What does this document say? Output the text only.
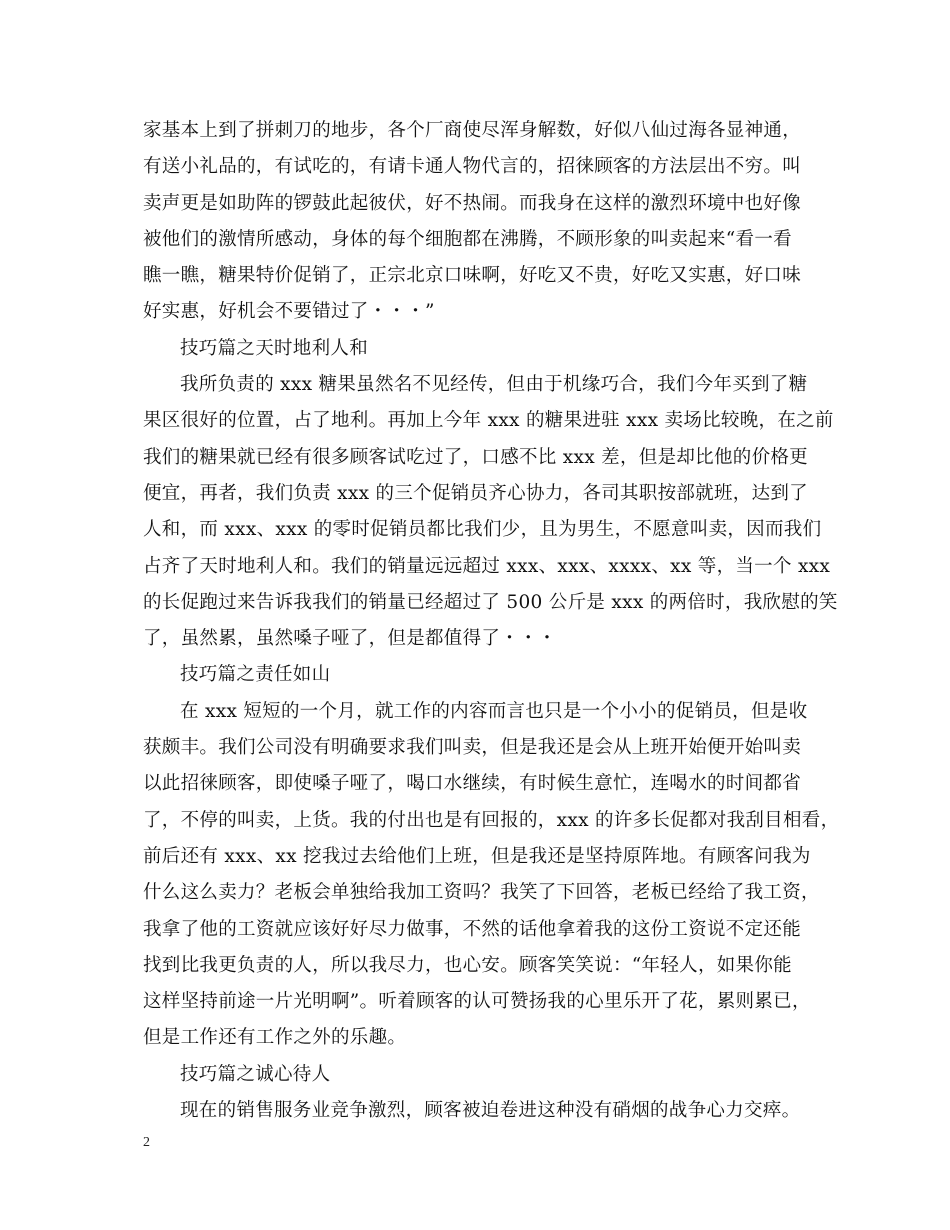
家基本上到了拼刺刀的地步，各个厂商使尽浑身解数，好似八仙过海各显神通，
有送小礼品的，有试吃的，有请卡通人物代言的，招徕顾客的方法层出不穷。叫
卖声更是如助阵的锣鼓此起彼伏，好不热闹。而我身在这样的激烈环境中也好像
被他们的激情所感动，身体的每个细胞都在沸腾，不顾形象的叫卖起来“看一看
瞧一瞧，糖果特价促销了，正宗北京口味啊，好吃又不贵，好吃又实惠，好口味
好实惠，好机会不要错过了・・・”
技巧篇之天时地利人和
我所负责的 xxx 糖果虽然名不见经传，但由于机缘巧合，我们今年买到了糖
果区很好的位置，占了地利。再加上今年 xxx 的糖果进驻 xxx 卖场比较晚，在之前
我们的糖果就已经有很多顾客试吃过了，口感不比 xxx 差，但是却比他的价格更
便宜，再者，我们负责 xxx 的三个促销员齐心协力，各司其职按部就班，达到了
人和，而 xxx、xxx 的零时促销员都比我们少，且为男生，不愿意叫卖，因而我们
占齐了天时地利人和。我们的销量远远超过 xxx、xxx、xxxx、xx 等，当一个 xxx
的长促跑过来告诉我我们的销量已经超过了 500 公斤是 xxx 的两倍时，我欣慰的笑
了，虽然累，虽然嗓子哑了，但是都值得了・・・
技巧篇之责任如山
在 xxx 短短的一个月，就工作的内容而言也只是一个小小的促销员，但是收
获颇丰。我们公司没有明确要求我们叫卖，但是我还是会从上班开始便开始叫卖
以此招徕顾客，即使嗓子哑了，喝口水继续，有时候生意忙，连喝水的时间都省
了，不停的叫卖，上货。我的付出也是有回报的，xxx 的许多长促都对我刮目相看，
前后还有 xxx、xx 挖我过去给他们上班，但是我还是坚持原阵地。有顾客问我为
什么这么卖力？老板会单独给我加工资吗？我笑了下回答，老板已经给了我工资，
我拿了他的工资就应该好好尽力做事，不然的话他拿着我的这份工资说不定还能
找到比我更负责的人，所以我尽力，也心安。顾客笑笑说：“年轻人，如果你能
这样坚持前途一片光明啊”。听着顾客的认可赞扬我的心里乐开了花，累则累已，
但是工作还有工作之外的乐趣。
技巧篇之诚心待人
现在的销售服务业竞争激烈，顾客被迫卷进这种没有硝烟的战争心力交瘁。
2
